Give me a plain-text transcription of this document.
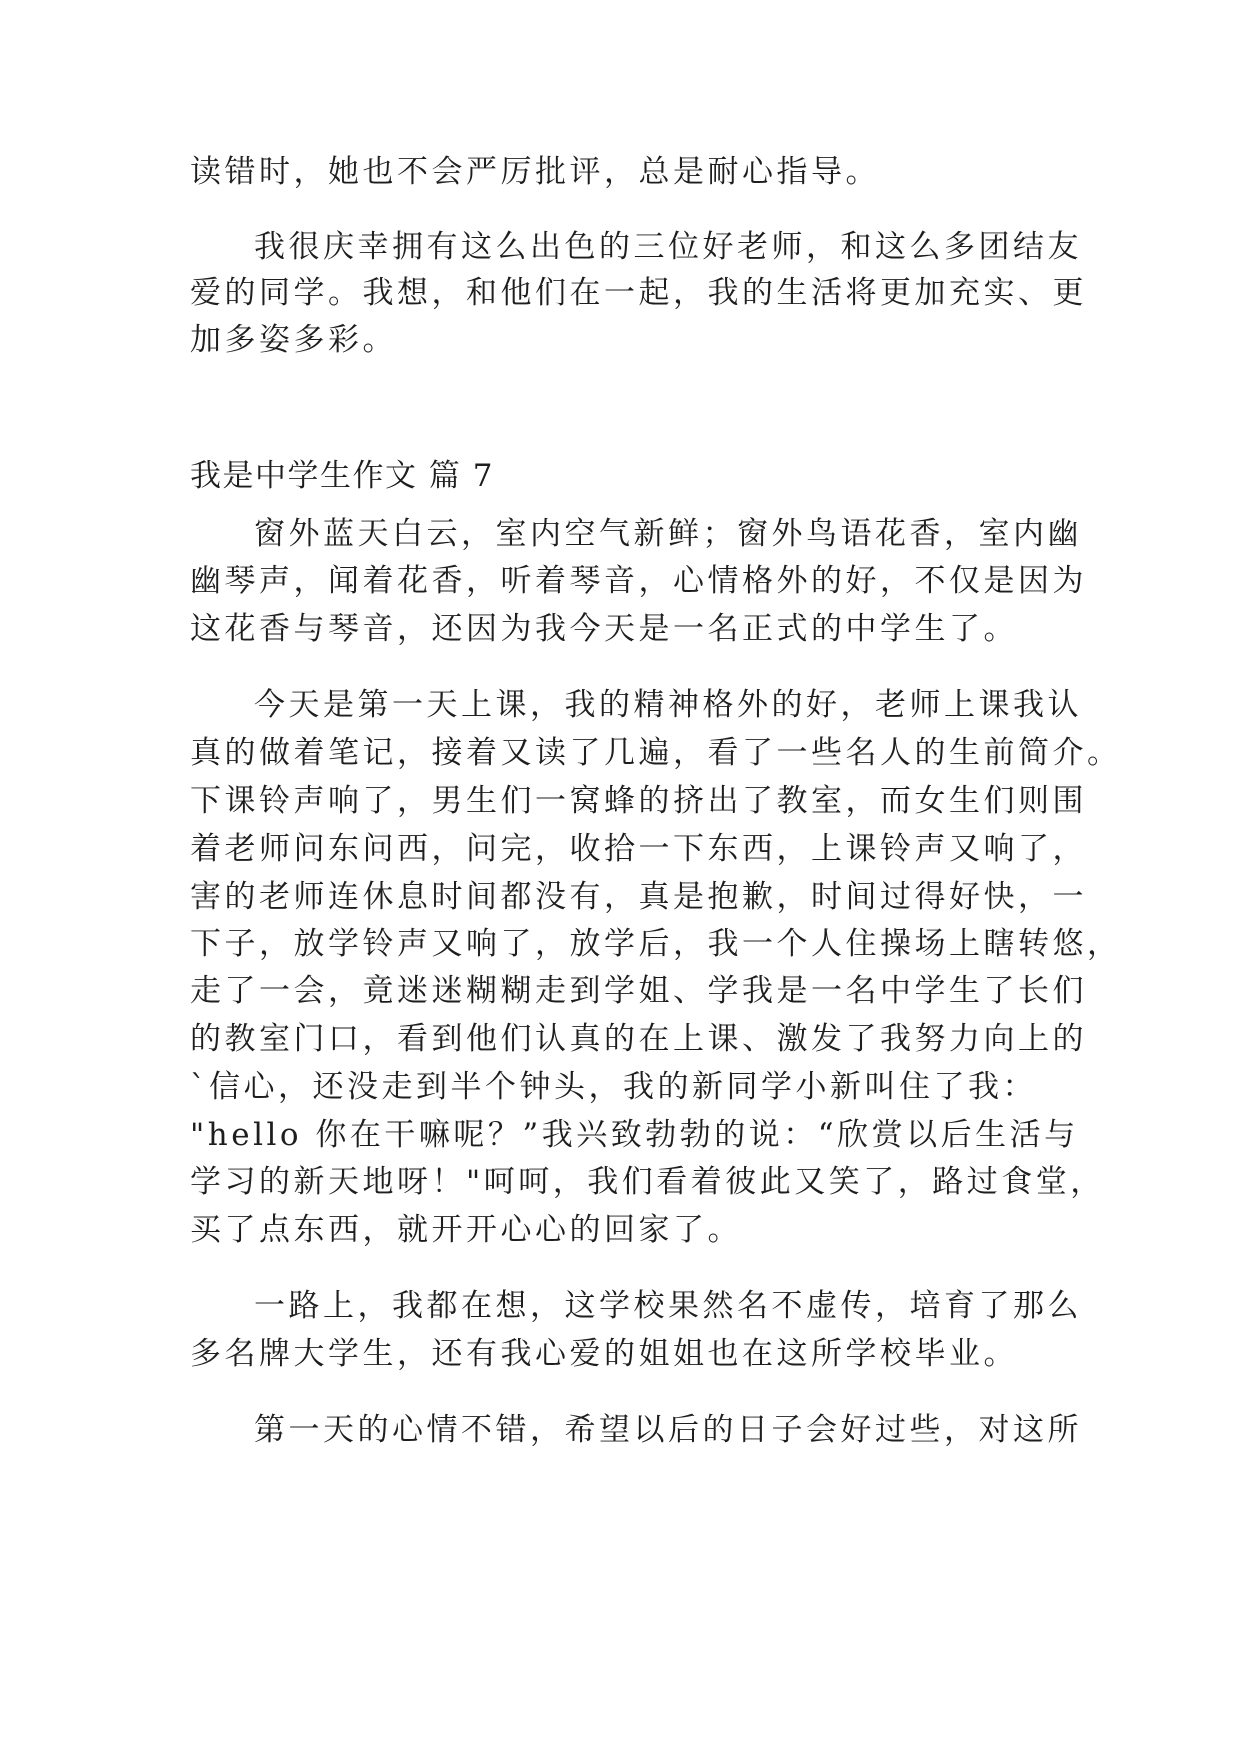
读错时，她也不会严厉批评，总是耐心指导。
我很庆幸拥有这么出色的三位好老师，和这么多团结友
爱的同学。我想，和他们在一起，我的生活将更加充实、更
加多姿多彩。
我是中学生作文 篇 7
窗外蓝天白云，室内空气新鲜；窗外鸟语花香，室内幽
幽琴声，闻着花香，听着琴音，心情格外的好，不仅是因为
这花香与琴音，还因为我今天是一名正式的中学生了。
今天是第一天上课，我的精神格外的好，老师上课我认
真的做着笔记，接着又读了几遍，看了一些名人的生前简介。
下课铃声响了，男生们一窝蜂的挤出了教室，而女生们则围
着老师问东问西，问完，收拾一下东西，上课铃声又响了，
害的老师连休息时间都没有，真是抱歉，时间过得好快，一
下子，放学铃声又响了，放学后，我一个人住操场上瞎转悠，
走了一会，竟迷迷糊糊走到学姐、学我是一名中学生了长们
的教室门口，看到他们认真的在上课、激发了我努力向上的
`信心，还没走到半个钟头，我的新同学小新叫住了我：
"hello 你在干嘛呢？”我兴致勃勃的说：“欣赏以后生活与
学习的新天地呀！"呵呵，我们看着彼此又笑了，路过食堂，
买了点东西，就开开心心的回家了。
一路上，我都在想，这学校果然名不虚传，培育了那么
多名牌大学生，还有我心爱的姐姐也在这所学校毕业。
第一天的心情不错，希望以后的日子会好过些，对这所
